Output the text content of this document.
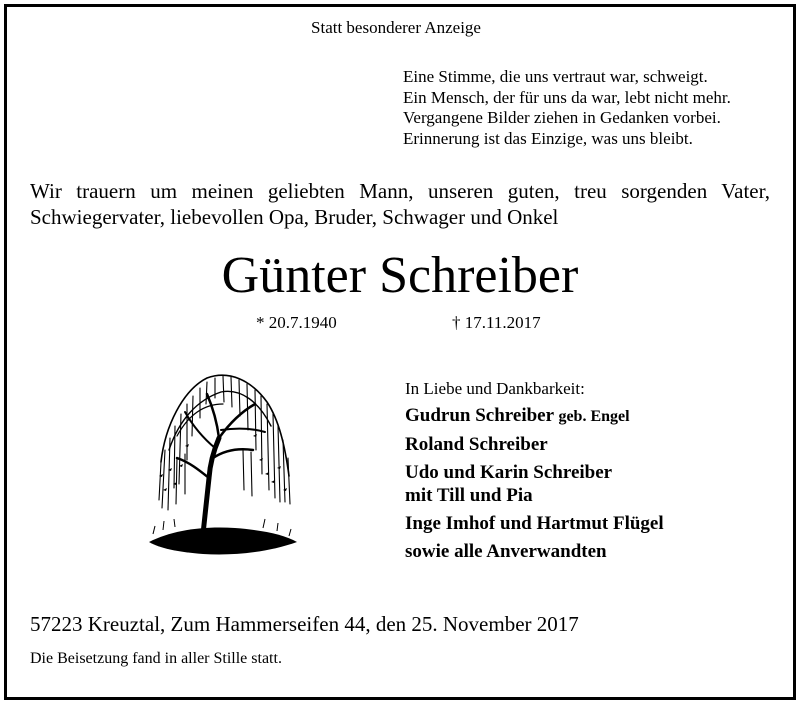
Statt besonderer Anzeige
Eine Stimme, die uns vertraut war, schweigt.
Ein Mensch, der für uns da war, lebt nicht mehr.
Vergangene Bilder ziehen in Gedanken vorbei.
Erinnerung ist das Einzige, was uns bleibt.
Wir trauern um meinen geliebten Mann, unseren guten, treu sorgenden Vater,
Schwiegervater, liebevollen Opa, Bruder, Schwager und Onkel
Günter Schreiber
* 20.7.1940	† 17.11.2017
In Liebe und Dankbarkeit:
Gudrun Schreiber geb. Engel
Roland Schreiber
Udo und Karin Schreiber
mit Till und Pia
Inge Imhof und Hartmut Flügel
sowie alle Anverwandten
57223 Kreuztal, Zum Hammerseifen 44, den 25. November 2017
Die Beisetzung fand in aller Stille statt.
